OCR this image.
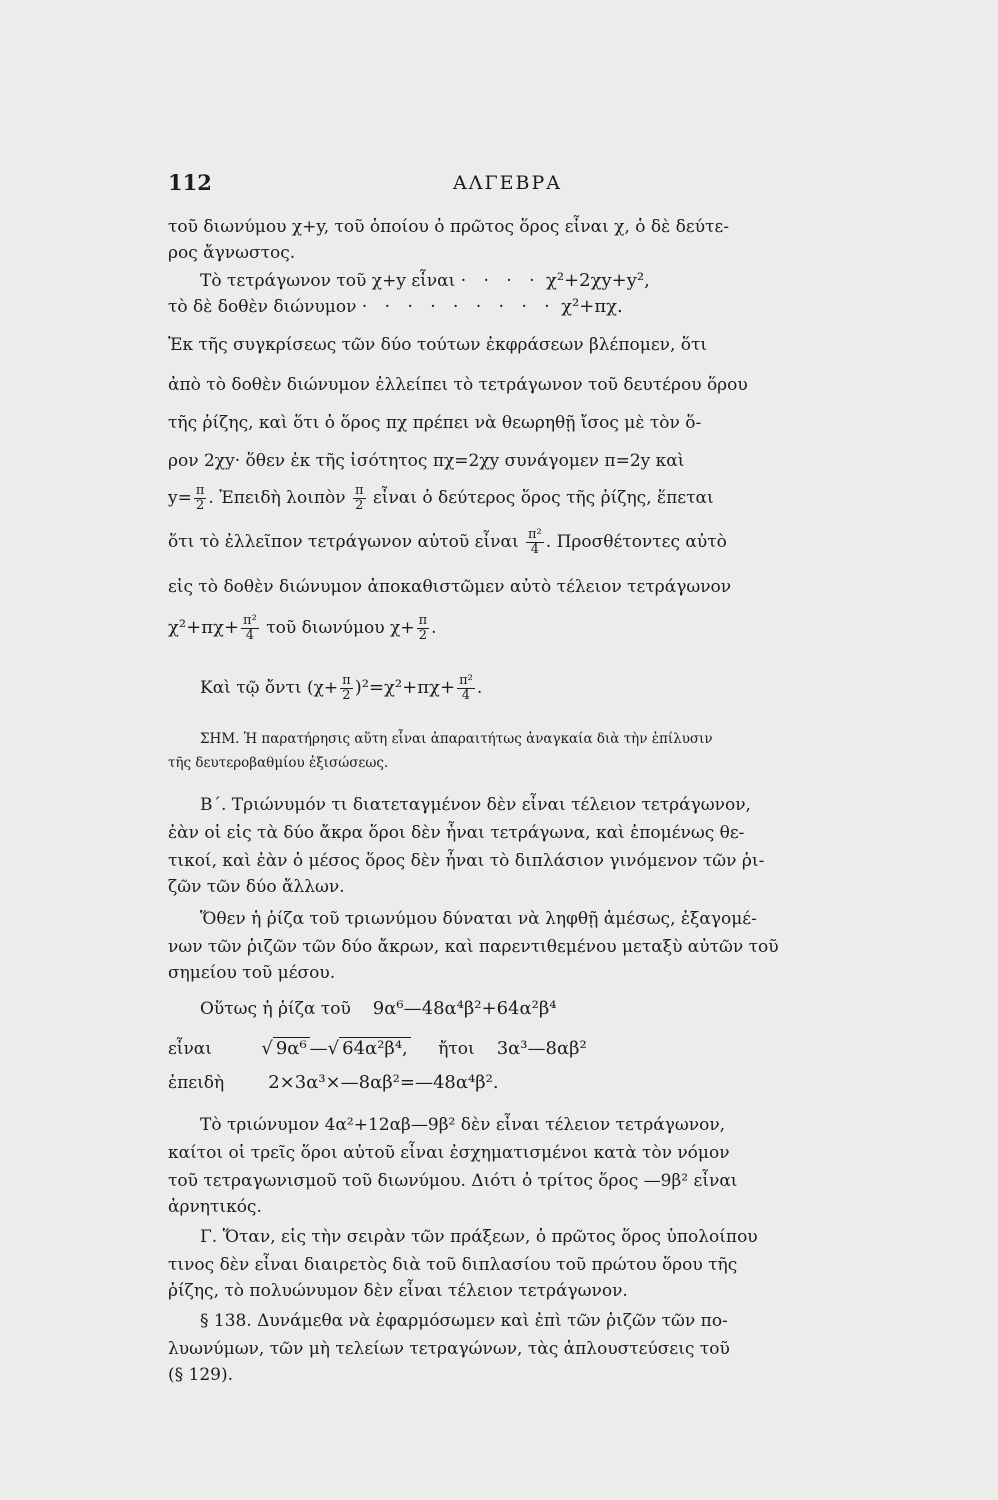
112	ΑΛΓΕΒΡΑ
τοῦ διωνύμου χ+y, τοῦ ὁποίου ὁ πρῶτος ὅρος εἶναι χ, ὁ δὲ δεύτε-
ρος ἄγνωστος.
Τὸ τετράγωνον τοῦ χ+y εἶναι · · · · χ²+2χy+y²,
τὸ δὲ δοθὲν διώνυμον · · · · · · · · · χ²+πχ.
Ἐκ τῆς συγκρίσεως τῶν δύο τούτων ἐκφράσεων βλέπομεν, ὅτι
ἀπὸ τὸ δοθὲν διώνυμον ἐλλείπει τὸ τετράγωνον τοῦ δευτέρου ὅρου
τῆς ῥίζης, καὶ ὅτι ὁ ὅρος πχ πρέπει νὰ θεωρηθῇ ἴσος μὲ τὸν ὅ-
ρον 2χy· ὅθεν ἐκ τῆς ἰσότητος πχ=2χy συνάγομεν π=2y καὶ
$y= \frac{\pi}{2}$ . Ἐπειδὴ λοιπὸν $\frac{\pi}{2}$ εἶναι ὁ δεύτερος ὅρος τῆς ῥίζης, ἕπεται
ὅτι τὸ ἐλλεῖπον τετράγωνον αὐτοῦ εἶναι $\frac{\text{π²}}{4}$ . Προσθέτοντες αὐτὸ
εἰς τὸ δοθὲν διώνυμον ἀποκαθιστῶμεν αὐτὸ τέλειον τετράγωνον
$\chi^2+\pi\chi+ \frac{\text{π²}}{4}$ τοῦ διωνύμου $\chi+ \frac{\pi}{2}$ .
Καὶ τῷ ὄντι $(\chi+ \frac{\pi}{2} )^2=\chi^2+\pi\chi+ \frac{\text{π²}}{4}$ .
ΣΗΜ. Ἡ παρατήρησις αὕτη εἶναι ἀπαραιτήτως ἀναγκαία διὰ τὴν ἐπίλυσιν
τῆς δευτεροβαθμίου ἐξισώσεως.
Β΄. Τριώνυμόν τι διατεταγμένον δὲν εἶναι τέλειον τετράγωνον,
ἐὰν οἱ εἰς τὰ δύο ἄκρα ὅροι δὲν ἦναι τετράγωνα, καὶ ἑπομένως θε-
τικοί, καὶ ἐὰν ὁ μέσος ὅρος δὲν ἦναι τὸ διπλάσιον γινόμενον τῶν ῥι-
ζῶν τῶν δύο ἄλλων.
Ὅθεν ἡ ῥίζα τοῦ τριωνύμου δύναται νὰ ληφθῇ ἀμέσως, ἐξαγομέ-
νων τῶν ῥιζῶν τῶν δύο ἄκρων, καὶ παρεντιθεμένου μεταξὺ αὐτῶν τοῦ
σημείου τοῦ μέσου.
Οὕτως ἡ ῥίζα τοῦ 9α⁶—48α⁴β²+64α²β⁴
εἶναι	√ 9α⁶ —√ 64α²β⁴, ἤτοι 3α³—8αβ²
ἐπειδὴ 2×3α³×—8αβ²=—48α⁴β².
Τὸ τριώνυμον 4α²+12αβ—9β² δὲν εἶναι τέλειον τετράγωνον,
καίτοι οἱ τρεῖς ὅροι αὐτοῦ εἶναι ἐσχηματισμένοι κατὰ τὸν νόμον
τοῦ τετραγωνισμοῦ τοῦ διωνύμου. Διότι ὁ τρίτος ὅρος —9β² εἶναι
ἀρνητικός.
Γ. Ὅταν, εἰς τὴν σειρὰν τῶν πράξεων, ὁ πρῶτος ὅρος ὑπολοίπου
τινος δὲν εἶναι διαιρετὸς διὰ τοῦ διπλασίου τοῦ πρώτου ὅρου τῆς
ῥίζης, τὸ πολυώνυμον δὲν εἶναι τέλειον τετράγωνον.
§ 138. Δυνάμεθα νὰ ἐφαρμόσωμεν καὶ ἐπὶ τῶν ῥιζῶν τῶν πο-
λυωνύμων, τῶν μὴ τελείων τετραγώνων, τὰς ἁπλουστεύσεις τοῦ
(§ 129).
